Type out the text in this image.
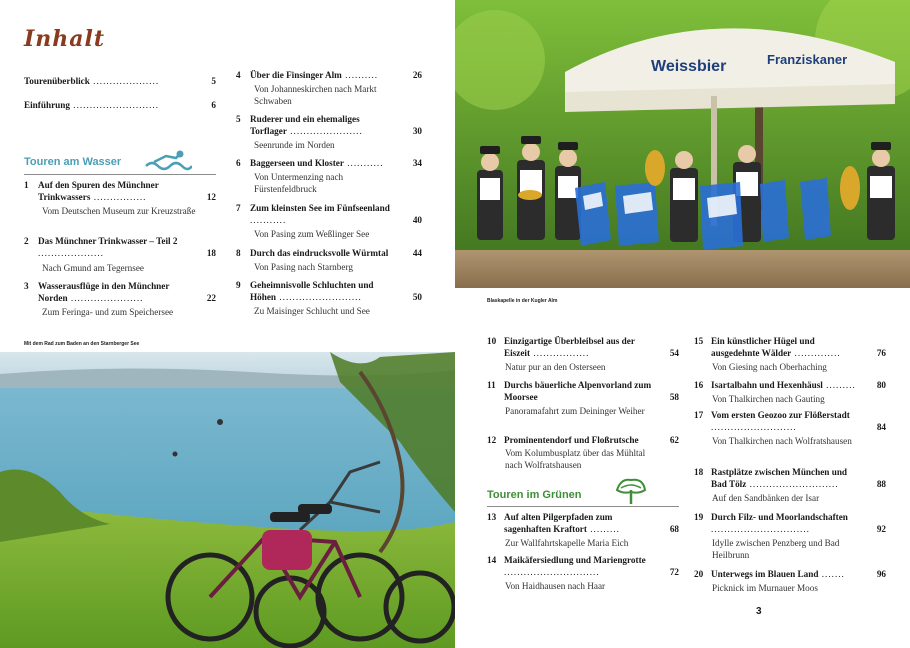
Inhalt
Tourenüberblick ....................	5
Einführung ..........................	6
Touren am Wasser
1 Auf den Spuren des Münchner Trinkwassers ................	12
Vom Deutschen Museum zur Kreuzstraße
2 Das Münchner Trinkwasser – Teil 2 ....................	18
Nach Gmund am Tegernsee
3 Wasserausflüge in den Münchner Norden ......................	22
Zum Feringa- und zum Speichersee
4 Über die Finsinger Alm ..........	26
Von Johanneskirchen nach Markt Schwaben
5 Ruderer und ein ehemaliges Torflager ......................	30
Seenrunde im Norden
6 Baggerseen und Kloster ...........	34
Von Untermenzing nach Fürstenfeldbruck
7 Zum kleinsten See im Fünfseenland ...........	40
Von Pasing zum Weßlinger See
8 Durch das eindrucksvolle Würmtal	44
Von Pasing nach Starnberg
9 Geheimnisvolle Schluchten und Höhen .........................	50
Zu Maisinger Schlucht und See
Mit dem Rad zum Baden an den Starnberger See
Weissbier	Franziskaner
Blaskapelle in der Kugler Alm
10 Einzigartige Überbleibsel aus der Eiszeit .................	54
Natur pur an den Osterseen
11 Durchs bäuerliche Alpenvorland zum Moorsee	58
Panoramafahrt zum Deininger Weiher
12 Prominentendorf und Floßrutsche	62
Vom Kolumbusplatz über das Mühltal nach Wolfratshausen
Touren im Grünen
13 Auf alten Pilgerpfaden zum sagenhaften Kraftort .........	68
Zur Wallfahrtskapelle Maria Eich
14 Maikäfersiedlung und Mariengrotte .............................	72
Von Haidhausen nach Haar
15 Ein künstlicher Hügel und ausgedehnte Wälder ..............	76
Von Giesing nach Oberhaching
16 Isartalbahn und Hexenhäusl .........	80
Von Thalkirchen nach Gauting
17 Vom ersten Geozoo zur Flößerstadt ..........................	84
Von Thalkirchen nach Wolfratshausen
18 Rastplätze zwischen München und Bad Tölz ...........................	88
Auf den Sandbänken der Isar
19 Durch Filz- und Moorlandschaften ..............................	92
Idylle zwischen Penzberg und Bad Heilbrunn
20 Unterwegs im Blauen Land .......	96
Picknick im Murnauer Moos
3
